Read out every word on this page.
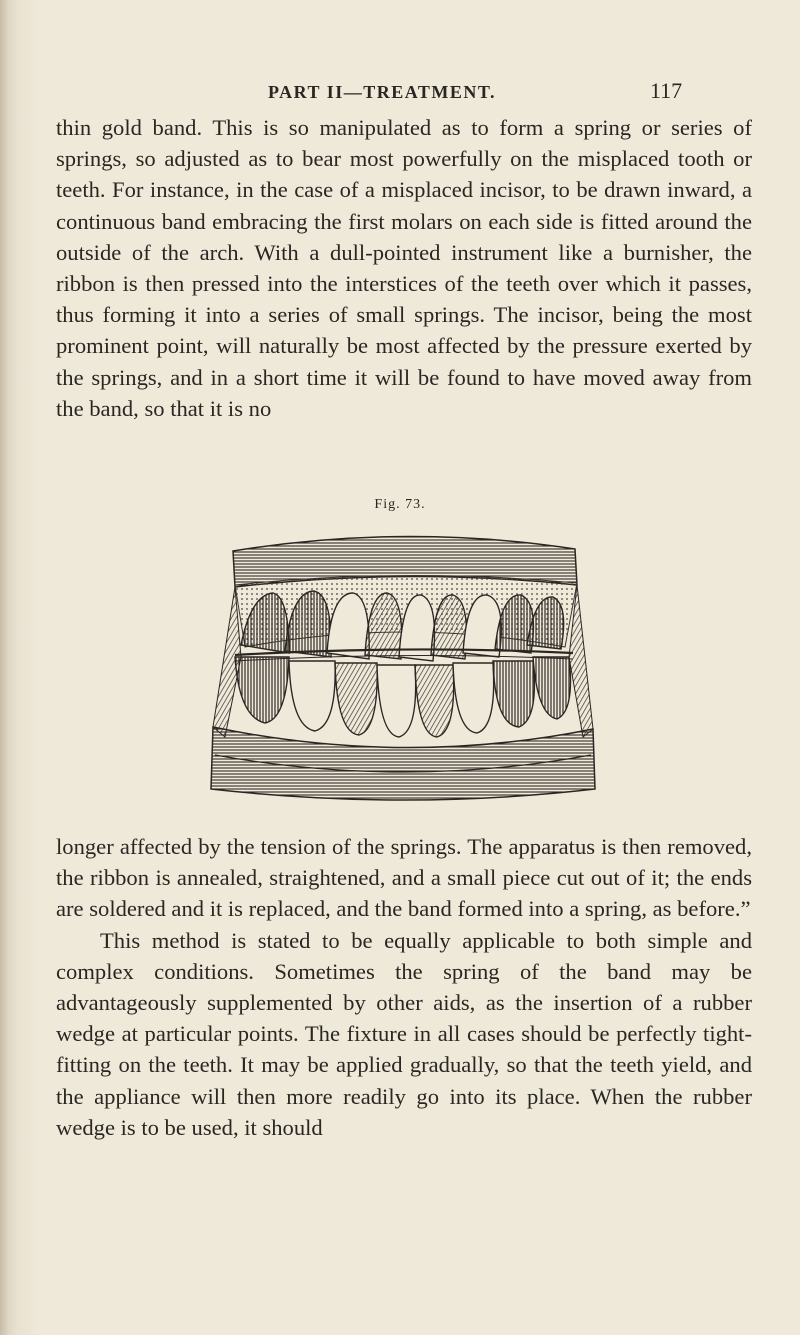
PART II—TREATMENT.	117

thin gold band. This is so manipulated as to form a spring or series of springs, so adjusted as to bear most powerfully on the misplaced tooth or teeth. For instance, in the case of a misplaced incisor, to be drawn inward, a continuous band embracing the first molars on each side is fitted around the outside of the arch. With a dull-pointed instrument like a burnisher, the ribbon is then pressed into the interstices of the teeth over which it passes, thus forming it into a series of small springs. The incisor, being the most prominent point, will naturally be most affected by the pressure exerted by the springs, and in a short time it will be found to have moved away from the band, so that it is no

Fig. 73.

longer affected by the tension of the springs. The apparatus is then removed, the ribbon is annealed, straightened, and a small piece cut out of it; the ends are soldered and it is replaced, and the band formed into a spring, as before.”

This method is stated to be equally applicable to both simple and complex conditions. Sometimes the spring of the band may be advantageously supplemented by other aids, as the insertion of a rubber wedge at particular points. The fixture in all cases should be perfectly tight-fitting on the teeth. It may be applied gradually, so that the teeth yield, and the appliance will then more readily go into its place. When the rubber wedge is to be used, it should
